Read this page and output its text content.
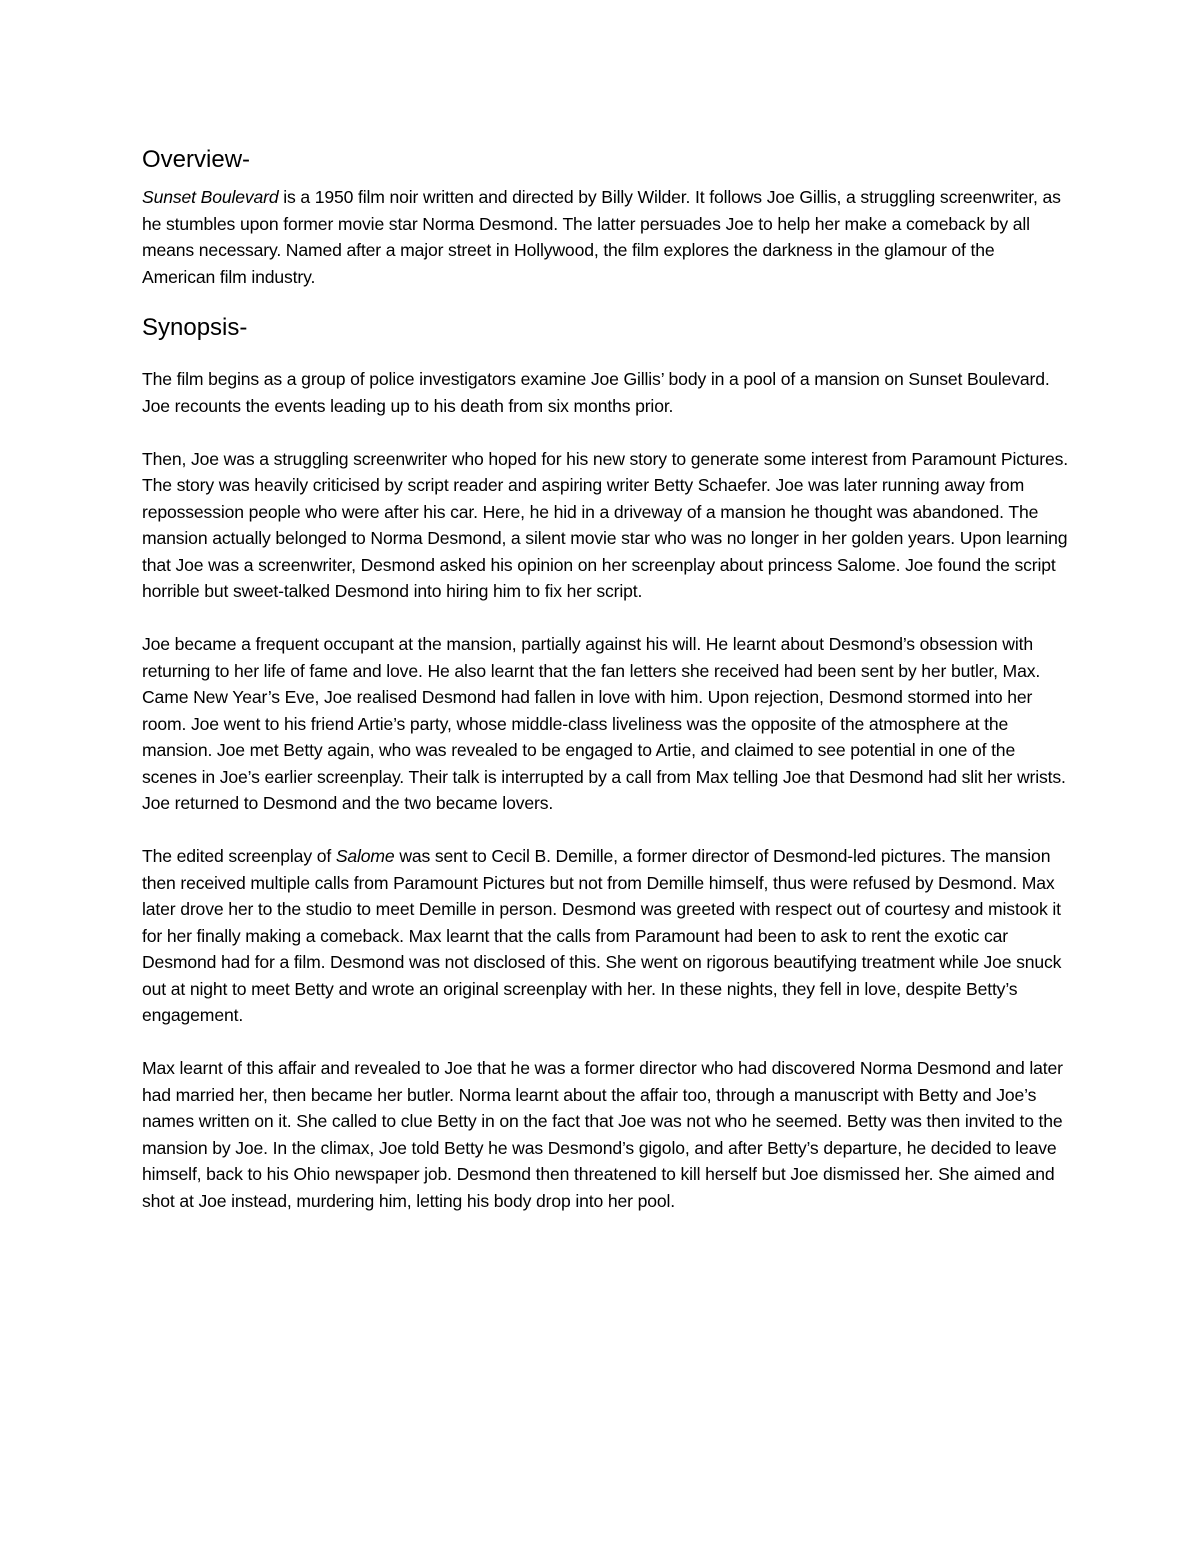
Overview-

Sunset Boulevard is a 1950 film noir written and directed by Billy Wilder. It follows Joe Gillis, a struggling screenwriter, as he stumbles upon former movie star Norma Desmond. The latter persuades Joe to help her make a comeback by all means necessary. Named after a major street in Hollywood, the film explores the darkness in the glamour of the American film industry.

Synopsis-

The film begins as a group of police investigators examine Joe Gillis’ body in a pool of a mansion on Sunset Boulevard. Joe recounts the events leading up to his death from six months prior.

Then, Joe was a struggling screenwriter who hoped for his new story to generate some interest from Paramount Pictures. The story was heavily criticised by script reader and aspiring writer Betty Schaefer. Joe was later running away from repossession people who were after his car. Here, he hid in a driveway of a mansion he thought was abandoned. The mansion actually belonged to Norma Desmond, a silent movie star who was no longer in her golden years. Upon learning that Joe was a screenwriter, Desmond asked his opinion on her screenplay about princess Salome. Joe found the script horrible but sweet-talked Desmond into hiring him to fix her script.

Joe became a frequent occupant at the mansion, partially against his will. He learnt about Desmond’s obsession with returning to her life of fame and love. He also learnt that the fan letters she received had been sent by her butler, Max. Came New Year’s Eve, Joe realised Desmond had fallen in love with him. Upon rejection, Desmond stormed into her room. Joe went to his friend Artie’s party, whose middle-class liveliness was the opposite of the atmosphere at the mansion. Joe met Betty again, who was revealed to be engaged to Artie, and claimed to see potential in one of the scenes in Joe’s earlier screenplay. Their talk is interrupted by a call from Max telling Joe that Desmond had slit her wrists. Joe returned to Desmond and the two became lovers.

The edited screenplay of Salome was sent to Cecil B. Demille, a former director of Desmond-led pictures. The mansion then received multiple calls from Paramount Pictures but not from Demille himself, thus were refused by Desmond. Max later drove her to the studio to meet Demille in person. Desmond was greeted with respect out of courtesy and mistook it for her finally making a comeback. Max learnt that the calls from Paramount had been to ask to rent the exotic car Desmond had for a film. Desmond was not disclosed of this. She went on rigorous beautifying treatment while Joe snuck out at night to meet Betty and wrote an original screenplay with her. In these nights, they fell in love, despite Betty’s engagement.

Max learnt of this affair and revealed to Joe that he was a former director who had discovered Norma Desmond and later had married her, then became her butler. Norma learnt about the affair too, through a manuscript with Betty and Joe’s names written on it. She called to clue Betty in on the fact that Joe was not who he seemed. Betty was then invited to the mansion by Joe. In the climax, Joe told Betty he was Desmond’s gigolo, and after Betty’s departure, he decided to leave himself, back to his Ohio newspaper job. Desmond then threatened to kill herself but Joe dismissed her. She aimed and shot at Joe instead, murdering him, letting his body drop into her pool.
